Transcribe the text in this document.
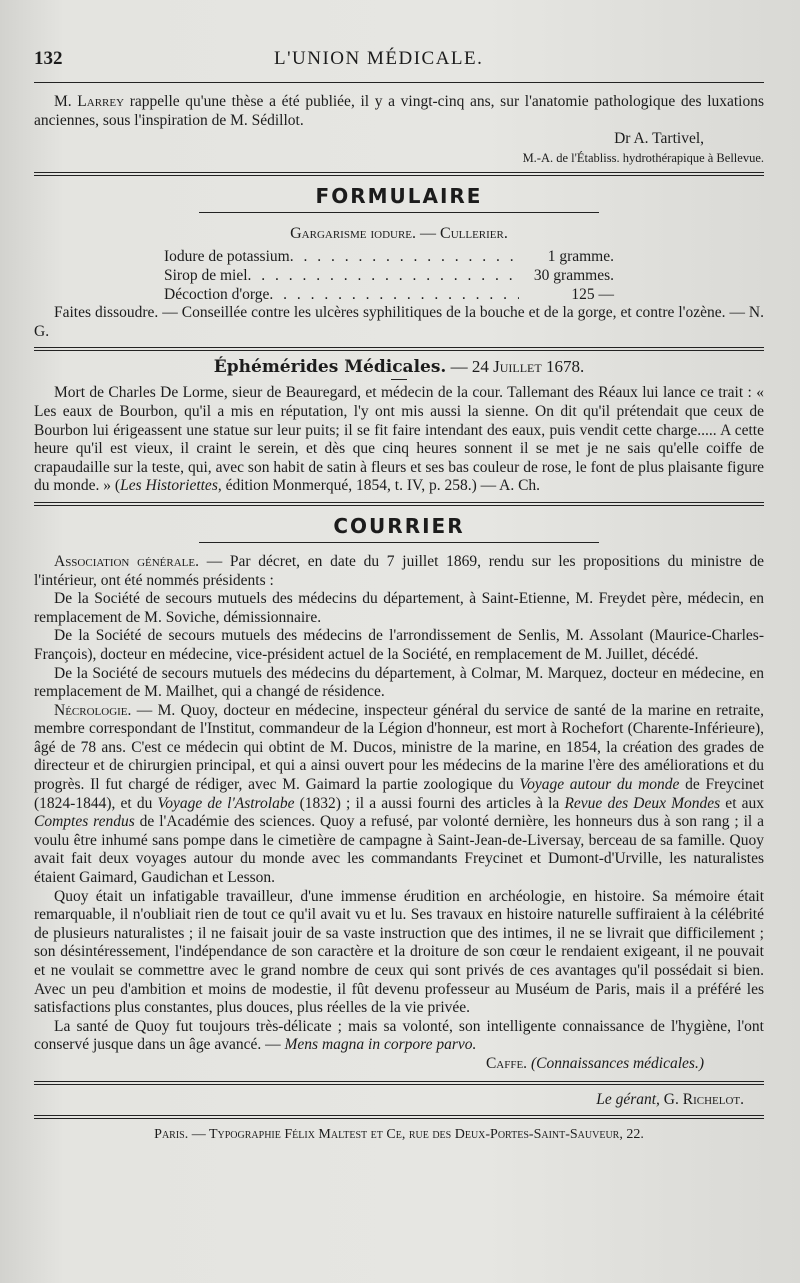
132	L'UNION MÉDICALE.

M. Larrey rappelle qu'une thèse a été publiée, il y a vingt-cinq ans, sur l'anatomie pathologique des luxations anciennes, sous l'inspiration de M. Sédillot.

Dr A. Tartivel,
M.-A. de l'Établiss. hydrothérapique à Bellevue.
FORMULAIRE
Gargarisme iodure. — Cullerier.
Iodure de potassium . . .	1 gramme.
Sirop de miel . . .	30 grammes.
Décoction d'orge . . .	125 —

Faites dissoudre. — Conseillée contre les ulcères syphilitiques de la bouche et de la gorge, et contre l'ozène. — N. G.

Éphémérides Médicales. — 24 Juillet 1678.

Mort de Charles De Lorme, sieur de Beauregard, et médecin de la cour. Tallemant des Réaux lui lance ce trait : « Les eaux de Bourbon, qu'il a mis en réputation, l'y ont mis aussi la sienne. On dit qu'il prétendait que ceux de Bourbon lui érigeassent une statue sur leur puits; il se fit faire intendant des eaux, puis vendit cette charge..... A cette heure qu'il est vieux, il craint le serein, et dès que cinq heures sonnent il se met je ne sais qu'elle coiffe de crapaudaille sur la teste, qui, avec son habit de satin à fleurs et ses bas couleur de rose, le font de plus plaisante figure du monde. » (Les Historiettes, édition Monmerqué, 1854, t. IV, p. 258.) — A. Ch.

COURRIER

Association générale. — Par décret, en date du 7 juillet 1869, rendu sur les propositions du ministre de l'intérieur, ont été nommés présidents :

De la Société de secours mutuels des médecins du département, à Saint-Etienne, M. Freydet père, médecin, en remplacement de M. Soviche, démissionnaire.

De la Société de secours mutuels des médecins de l'arrondissement de Senlis, M. Assolant (Maurice-Charles-François), docteur en médecine, vice-président actuel de la Société, en remplacement de M. Juillet, décédé.

De la Société de secours mutuels des médecins du département, à Colmar, M. Marquez, docteur en médecine, en remplacement de M. Mailhet, qui a changé de résidence.

Nécrologie. — M. Quoy, docteur en médecine, inspecteur général du service de santé de la marine en retraite, membre correspondant de l'Institut, commandeur de la Légion d'honneur, est mort à Rochefort (Charente-Inférieure), âgé de 78 ans. C'est ce médecin qui obtint de M. Ducos, ministre de la marine, en 1854, la création des grades de directeur et de chirurgien principal, et qui a ainsi ouvert pour les médecins de la marine l'ère des améliorations et du progrès. Il fut chargé de rédiger, avec M. Gaimard la partie zoologique du Voyage autour du monde de Freycinet (1824-1844), et du Voyage de l'Astrolabe (1832) ; il a aussi fourni des articles à la Revue des Deux Mondes et aux Comptes rendus de l'Académie des sciences. Quoy a refusé, par volonté dernière, les honneurs dus à son rang ; il a voulu être inhumé sans pompe dans le cimetière de campagne à Saint-Jean-de-Liversay, berceau de sa famille. Quoy avait fait deux voyages autour du monde avec les commandants Freycinet et Dumont-d'Urville, les naturalistes étaient Gaimard, Gaudichan et Lesson.

Quoy était un infatigable travailleur, d'une immense érudition en archéologie, en histoire. Sa mémoire était remarquable, il n'oubliait rien de tout ce qu'il avait vu et lu. Ses travaux en histoire naturelle suffiraient à la célébrité de plusieurs naturalistes ; il ne faisait jouir de sa vaste instruction que des intimes, il ne se livrait que difficilement ; son désintéressement, l'indépendance de son caractère et la droiture de son cœur le rendaient exigeant, il ne pouvait et ne voulait se commettre avec le grand nombre de ceux qui sont privés de ces avantages qu'il possédait si bien. Avec un peu d'ambition et moins de modestie, il fût devenu professeur au Muséum de Paris, mais il a préféré les satisfactions plus constantes, plus douces, plus réelles de la vie privée.

La santé de Quoy fut toujours très-délicate ; mais sa volonté, son intelligente connaissance de l'hygiène, l'ont conservé jusque dans un âge avancé. — Mens magna in corpore parvo.

Caffe. (Connaissances médicales.)
Le gérant, G. Richelot.
Paris. — Typographie Félix Maltest et Ce, rue des Deux-Portes-Saint-Sauveur, 22.
